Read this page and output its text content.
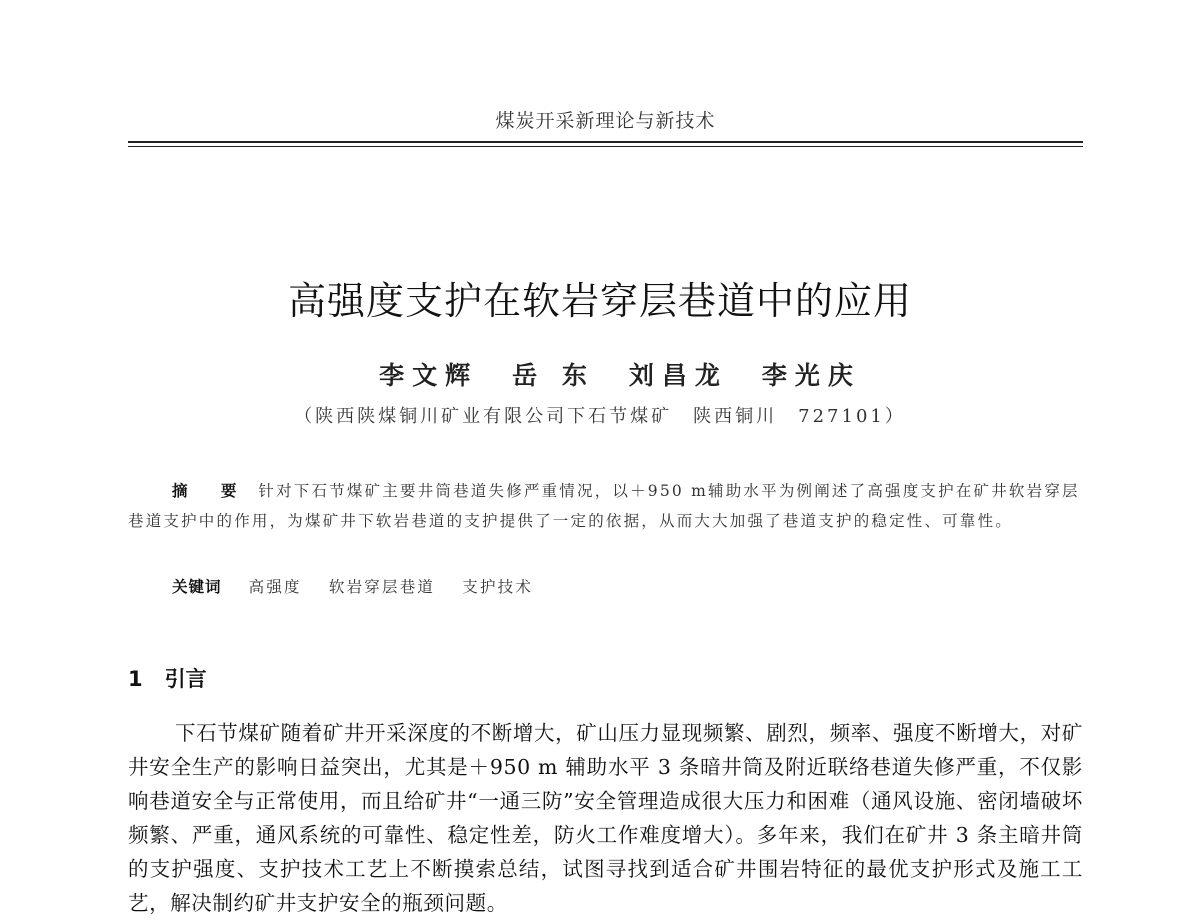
煤炭开采新理论与新技术
高强度支护在软岩穿层巷道中的应用
李文辉 岳 东 刘昌龙 李光庆
（陕西陕煤铜川矿业有限公司下石节煤矿　陕西铜川　727101）
摘 要 针对下石节煤矿主要井筒巷道失修严重情况，以＋950 m辅助水平为例阐述了高强度支护在矿井软岩穿层巷道支护中的作用，为煤矿井下软岩巷道的支护提供了一定的依据，从而大大加强了巷道支护的稳定性、可靠性。
关键词 高强度 软岩穿层巷道 支护技术
1 引言
下石节煤矿随着矿井开采深度的不断增大，矿山压力显现频繁、剧烈，频率、强度不断增大，对矿井安全生产的影响日益突出，尤其是＋950 m 辅助水平 3 条暗井筒及附近联络巷道失修严重，不仅影响巷道安全与正常使用，而且给矿井“一通三防”安全管理造成很大压力和困难（通风设施、密闭墙破坏频繁、严重，通风系统的可靠性、稳定性差，防火工作难度增大）。多年来，我们在矿井 3 条主暗井筒的支护强度、支护技术工艺上不断摸索总结，试图寻找到适合矿井围岩特征的最优支护形式及施工工艺，解决制约矿井支护安全的瓶颈问题。
